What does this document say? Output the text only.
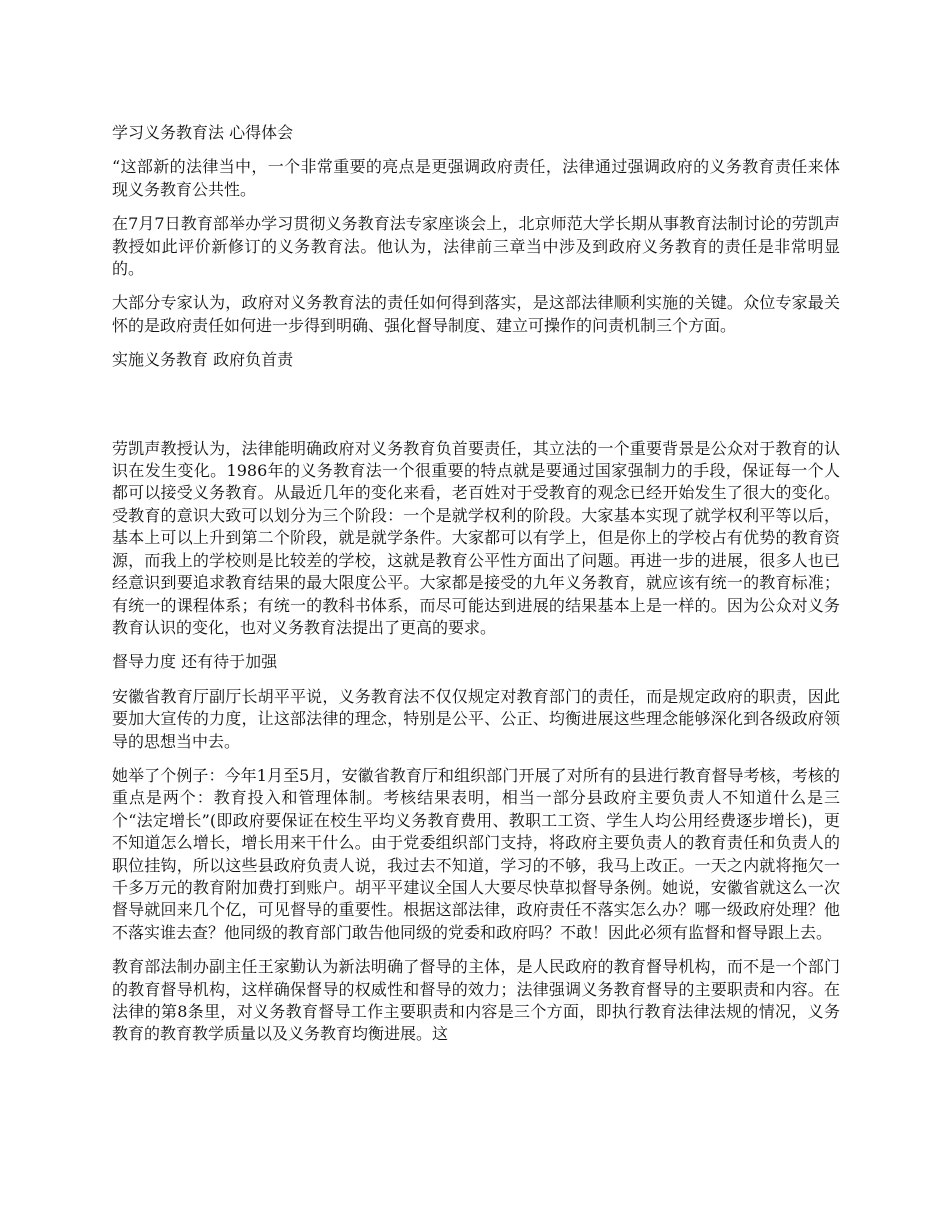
学习义务教育法 心得体会

“这部新的法律当中，一个非常重要的亮点是更强调政府责任，法律通过强调政府的义务教育责任来体现义务教育公共性。

在7月7日教育部举办学习贯彻义务教育法专家座谈会上，北京师范大学长期从事教育法制讨论的劳凯声教授如此评价新修订的义务教育法。他认为，法律前三章当中涉及到政府义务教育的责任是非常明显的。

大部分专家认为，政府对义务教育法的责任如何得到落实，是这部法律顺利实施的关键。众位专家最关怀的是政府责任如何进一步得到明确、强化督导制度、建立可操作的问责机制三个方面。

实施义务教育 政府负首责

劳凯声教授认为，法律能明确政府对义务教育负首要责任，其立法的一个重要背景是公众对于教育的认识在发生变化。1986年的义务教育法一个很重要的特点就是要通过国家强制力的手段，保证每一个人都可以接受义务教育。从最近几年的变化来看，老百姓对于受教育的观念已经开始发生了很大的变化。受教育的意识大致可以划分为三个阶段：一个是就学权利的阶段。大家基本实现了就学权利平等以后，基本上可以上升到第二个阶段，就是就学条件。大家都可以有学上，但是你上的学校占有优势的教育资源，而我上的学校则是比较差的学校，这就是教育公平性方面出了问题。再进一步的进展，很多人也已经意识到要追求教育结果的最大限度公平。大家都是接受的九年义务教育，就应该有统一的教育标准；有统一的课程体系；有统一的教科书体系，而尽可能达到进展的结果基本上是一样的。因为公众对义务教育认识的变化，也对义务教育法提出了更高的要求。

督导力度 还有待于加强

安徽省教育厅副厅长胡平平说，义务教育法不仅仅规定对教育部门的责任，而是规定政府的职责，因此要加大宣传的力度，让这部法律的理念，特别是公平、公正、均衡进展这些理念能够深化到各级政府领导的思想当中去。

她举了个例子：今年1月至5月，安徽省教育厅和组织部门开展了对所有的县进行教育督导考核，考核的重点是两个：教育投入和管理体制。考核结果表明，相当一部分县政府主要负责人不知道什么是三个“法定增长”(即政府要保证在校生平均义务教育费用、教职工工资、学生人均公用经费逐步增长)，更不知道怎么增长，增长用来干什么。由于党委组织部门支持，将政府主要负责人的教育责任和负责人的职位挂钩，所以这些县政府负责人说，我过去不知道，学习的不够，我马上改正。一天之内就将拖欠一千多万元的教育附加费打到账户。胡平平建议全国人大要尽快草拟督导条例。她说，安徽省就这么一次督导就回来几个亿，可见督导的重要性。根据这部法律，政府责任不落实怎么办？哪一级政府处理？他不落实谁去查？他同级的教育部门敢告他同级的党委和政府吗？不敢！因此必须有监督和督导跟上去。

教育部法制办副主任王家勤认为新法明确了督导的主体，是人民政府的教育督导机构，而不是一个部门的教育督导机构，这样确保督导的权威性和督导的效力；法律强调义务教育督导的主要职责和内容。在法律的第8条里，对义务教育督导工作主要职责和内容是三个方面，即执行教育法律法规的情况，义务教育的教育教学质量以及义务教育均衡进展。这
